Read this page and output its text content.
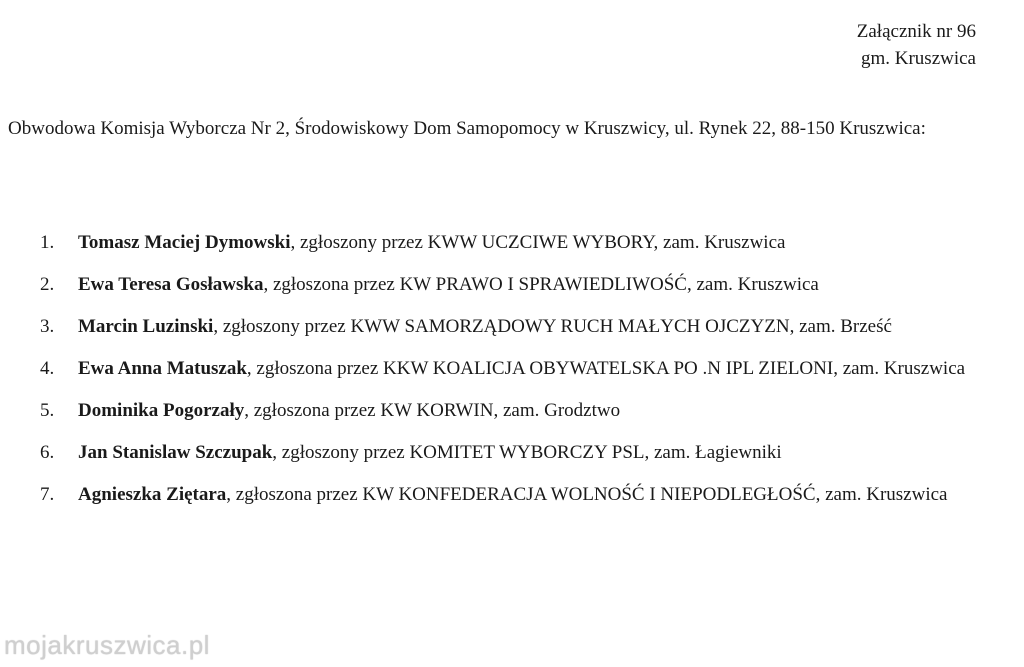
Załącznik nr 96
gm. Kruszwica
Obwodowa Komisja Wyborcza Nr 2, Środowiskowy Dom Samopomocy w Kruszwicy, ul. Rynek 22, 88-150 Kruszwica:
1.	Tomasz Maciej Dymowski, zgłoszony przez KWW UCZCIWE WYBORY, zam. Kruszwica
2.	Ewa Teresa Gosławska, zgłoszona przez KW PRAWO I SPRAWIEDLIWOŚĆ, zam. Kruszwica
3.	Marcin Luzinski, zgłoszony przez KWW SAMORZĄDOWY RUCH MAŁYCH OJCZYZN, zam. Brześć
4.	Ewa Anna Matuszak, zgłoszona przez KKW KOALICJA OBYWATELSKA PO .N IPL ZIELONI, zam. Kruszwica
5.	Dominika Pogorzały, zgłoszona przez KW KORWIN, zam. Grodztwo
6.	Jan Stanislaw Szczupak, zgłoszony przez KOMITET WYBORCZY PSL, zam. Łagiewniki
7.	Agnieszka Ziętara, zgłoszona przez KW KONFEDERACJA WOLNOŚĆ I NIEPODLEGŁOŚĆ, zam. Kruszwica
mojakruszwica.pl
